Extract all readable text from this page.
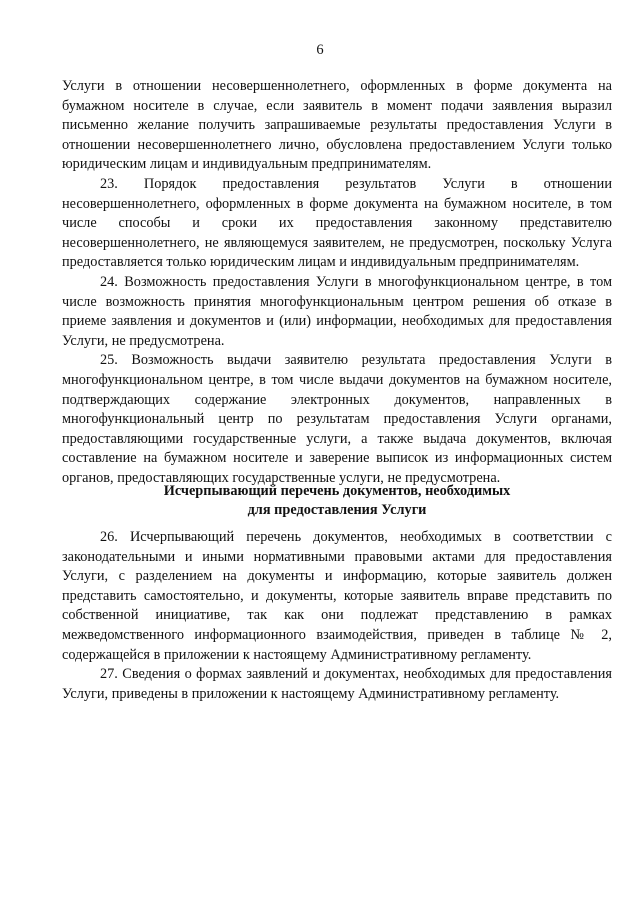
6

Услуги в отношении несовершеннолетнего, оформленных в форме документа на бумажном носителе в случае, если заявитель в момент подачи заявления выразил письменно желание получить запрашиваемые результаты предоставления Услуги в отношении несовершеннолетнего лично, обусловлена предоставлением Услуги только юридическим лицам и индивидуальным предпринимателям.

23. Порядок предоставления результатов Услуги в отношении несовершеннолетнего, оформленных в форме документа на бумажном носителе, в том числе способы и сроки их предоставления законному представителю несовершеннолетнего, не являющемуся заявителем, не предусмотрен, поскольку Услуга предоставляется только юридическим лицам и индивидуальным предпринимателям.

24. Возможность предоставления Услуги в многофункциональном центре, в том числе возможность принятия многофункциональным центром решения об отказе в приеме заявления и документов и (или) информации, необходимых для предоставления Услуги, не предусмотрена.

25. Возможность выдачи заявителю результата предоставления Услуги в многофункциональном центре, в том числе выдачи документов на бумажном носителе, подтверждающих содержание электронных документов, направленных в многофункциональный центр по результатам предоставления Услуги органами, предоставляющими государственные услуги, а также выдача документов, включая составление на бумажном носителе и заверение выписок из информационных систем органов, предоставляющих государственные услуги, не предусмотрена.

Исчерпывающий перечень документов, необходимых
для предоставления Услуги

26. Исчерпывающий перечень документов, необходимых в соответствии с законодательными и иными нормативными правовыми актами для предоставления Услуги, с разделением на документы и информацию, которые заявитель должен представить самостоятельно, и документы, которые заявитель вправе представить по собственной инициативе, так как они подлежат представлению в рамках межведомственного информационного взаимодействия, приведен в таблице № 2, содержащейся в приложении к настоящему Административному регламенту.

27. Сведения о формах заявлений и документах, необходимых для предоставления Услуги, приведены в приложении к настоящему Административному регламенту.
